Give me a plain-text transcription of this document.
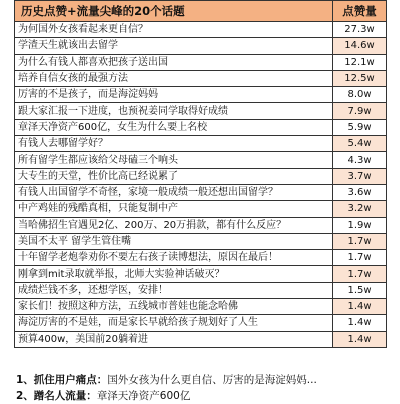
历史点赞+流量尖峰的20个话题	点赞量
为何国外女孩看起来更自信？	27.3w
学渣天生就该出去留学	14.6w
为什么有钱人都喜欢把孩子送出国	12.1w
培养自信女孩的最强方法	12.5w
厉害的不是孩子，而是海淀妈妈	8.0w
跟大家汇报一下进度，也预祝姜同学取得好成绩	7.9w
章泽天净资产600亿，女生为什么要上名校	5.9w
有钱人去哪留学好？	5.4w
所有留学生都应该给父母磕三个响头	4.3w
大专生的天堂，性价比高已经说累了	3.7w
有钱人出国留学不奇怪，家境一般成绩一般还想出国留学？	3.6w
中产鸡娃的残酷真相，只能复制中产	3.2w
当哈佛招生官遇见2亿、200万、20万捐款，都有什么反应？	1.9w
美国不太平 留学生管住嘴	1.7w
十年留学老炮拳劝你不要左右孩子读博想法，原因在最后！	1.7w
刚拿到mit录取就举报，北师大实验神话破灭？	1.7w
成绩烂钱不多，还想学医，安排！	1.5w
家长们！按照这种方法，五线城市普娃也能念哈佛	1.4w
海淀厉害的不是娃，而是家长早就给孩子规划好了人生	1.4w
预算400w，美国前20躺着进	1.4w
1、抓住用户痛点：国外女孩为什么更自信、厉害的是海淀妈妈...
2、蹭名人流量：章泽天净资产600亿
